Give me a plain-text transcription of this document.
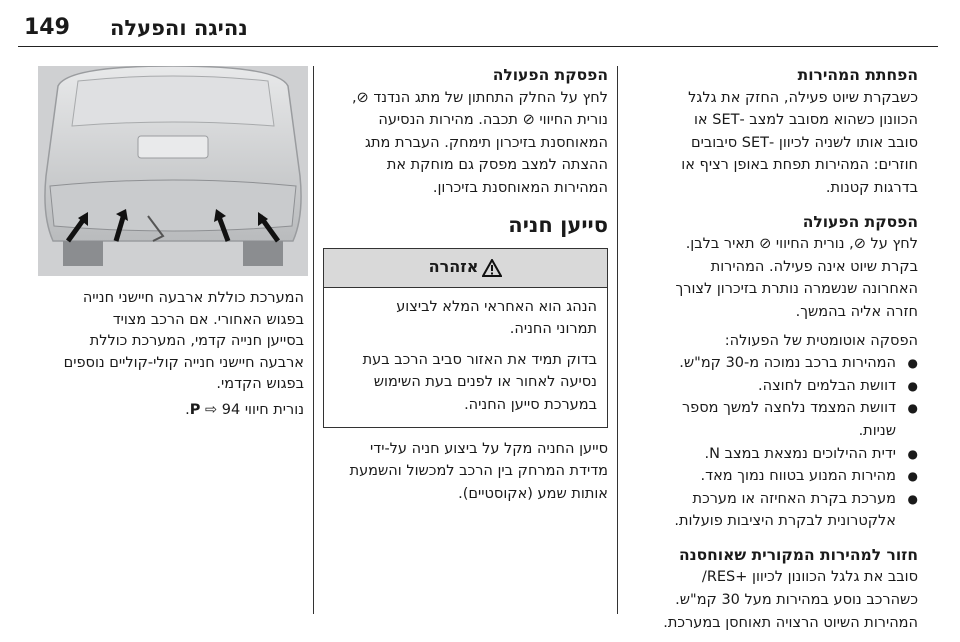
149 נהיגה והפעלה

הפחתת המהירות

כשבקרת שיוט פעילה, החזק את גלגל

הכוונון כשהוא מסובב למצב -SET או

סובב אותו לשניה לכיוון -SET סיבובים

חוזרים: המהירות תפחת באופן רציף או

בדרגות קטנות.

הפסקת הפעולה

לחץ על ⊘, נורית החיווי ⊘ תאיר בלבן.

בקרת שיוט אינה פעילה. המהירות

האחרונה שנשמרה נותרת בזיכרון לצורך

חזרה אליה בהמשך.

הפסקה אוטומטית של הפעולה:

● המהירות ברכב נמוכה מ-30 קמ"ש.
● דוושת הבלמים לחוצה.
● דוושת המצמד נלחצה למשך מספר
שניות.
● ידית ההילוכים נמצאת במצב N.
● מהירות המנוע בטווח נמוך מאד.
● מערכת בקרת האחיזה או מערכת
אלקטרונית לבקרת היציבות פועלות.

חזור למהירות המקורית שאוחסנה

סובב את גלגל הכוונון לכיוון +RES/

כשהרכב נוסע במהירות מעל 30 קמ"ש.

המהירות השיוט הרצויה תאוחסן במערכת.

הפסקת הפעולה

לחץ על החלק התחתון של מתג הנדנד ⊘,

נורית החיווי ⊘ תכבה. מהירות הנסיעה

המאוחסנת בזיכרון תימחק. העברת מתג

ההצתה למצב מפסק גם מוחקת את

המהירות המאוחסנת בזיכרון.

סייען חניה

אזהרה

הנהג הוא האחראי המלא לביצוע
תמרוני החניה.

בדוק תמיד את האזור סביב הרכב בעת
נסיעה לאחור או לפנים בעת השימוש
במערכת סייען החניה.

סייען החניה מקל על ביצוע חניה על-ידי

מדידת המרחק בין הרכב למכשול והשמעת

אותות שמע (אקוסטיים).

המערכת כוללת ארבעה חיישני חנייה

בפגוש האחורי. אם הרכב מצויד

בסייען חנייה קדמי, המערכת כוללת

ארבעה חיישני חנייה קולי-קוליים נוספים

בפגוש הקדמי.

נורית חיווי P ⇨ 94.
